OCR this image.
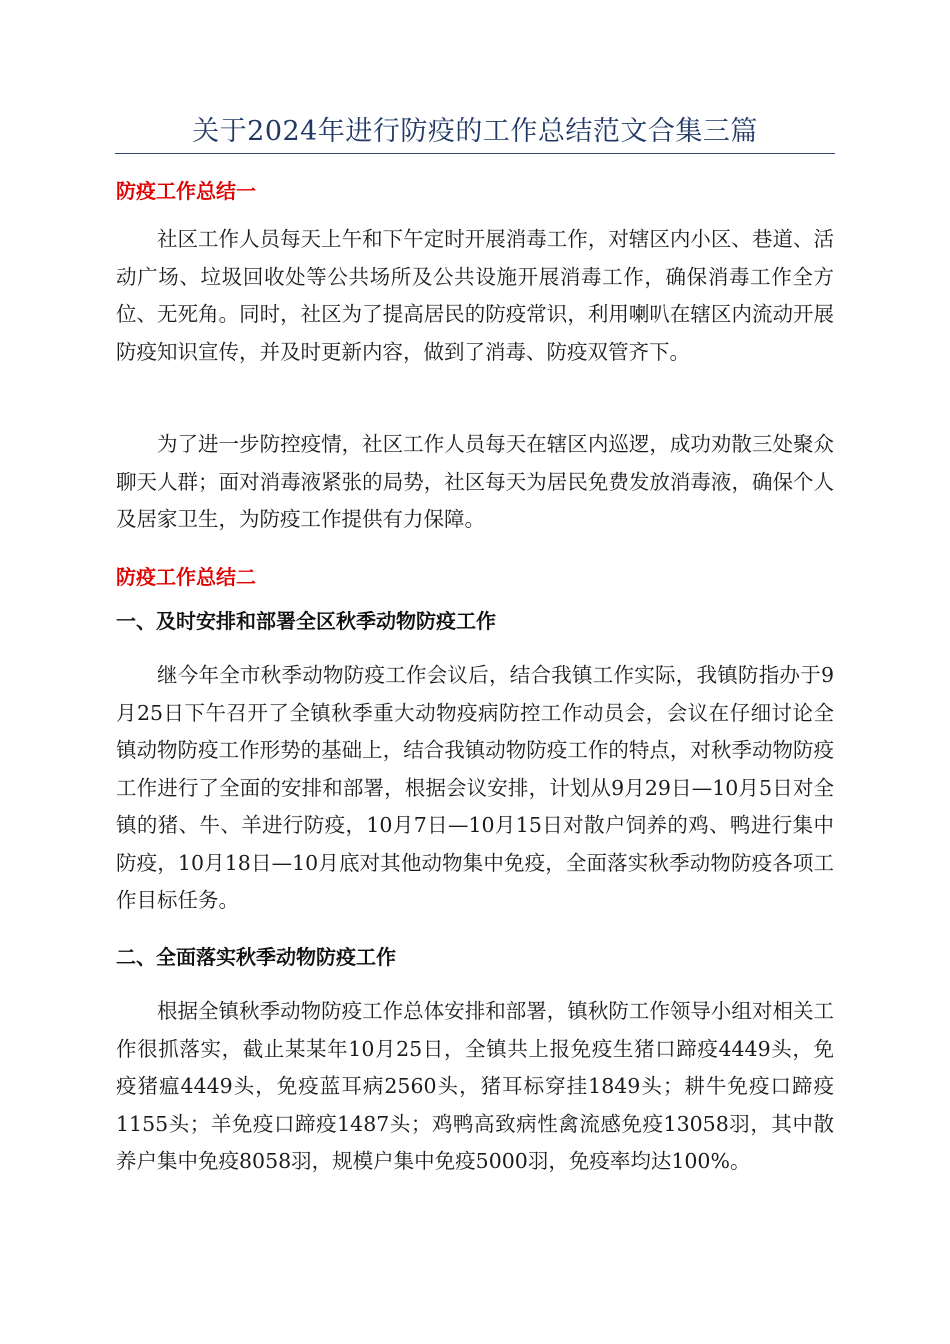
关于2024年进行防疫的工作总结范文合集三篇
防疫工作总结一

社区工作人员每天上午和下午定时开展消毒工作，对辖区内小区、巷道、活动广场、垃圾回收处等公共场所及公共设施开展消毒工作，确保消毒工作全方位、无死角。同时，社区为了提高居民的防疫常识，利用喇叭在辖区内流动开展防疫知识宣传，并及时更新内容，做到了消毒、防疫双管齐下。

为了进一步防控疫情，社区工作人员每天在辖区内巡逻，成功劝散三处聚众聊天人群；面对消毒液紧张的局势，社区每天为居民免费发放消毒液，确保个人及居家卫生，为防疫工作提供有力保障。

防疫工作总结二
一、及时安排和部署全区秋季动物防疫工作

继今年全市秋季动物防疫工作会议后，结合我镇工作实际，我镇防指办于9月25日下午召开了全镇秋季重大动物疫病防控工作动员会，会议在仔细讨论全镇动物防疫工作形势的基础上，结合我镇动物防疫工作的特点，对秋季动物防疫工作进行了全面的安排和部署，根据会议安排，计划从9月29日—10月5日对全镇的猪、牛、羊进行防疫，10月7日—10月15日对散户饲养的鸡、鸭进行集中防疫，10月18日—10月底对其他动物集中免疫，全面落实秋季动物防疫各项工作目标任务。

二、全面落实秋季动物防疫工作

根据全镇秋季动物防疫工作总体安排和部署，镇秋防工作领导小组对相关工作很抓落实，截止某某年10月25日，全镇共上报免疫生猪口蹄疫4449头，免疫猪瘟4449头，免疫蓝耳病2560头，猪耳标穿挂1849头；耕牛免疫口蹄疫1155头；羊免疫口蹄疫1487头；鸡鸭高致病性禽流感免疫13058羽，其中散养户集中免疫8058羽，规模户集中免疫5000羽，免疫率均达100%。
